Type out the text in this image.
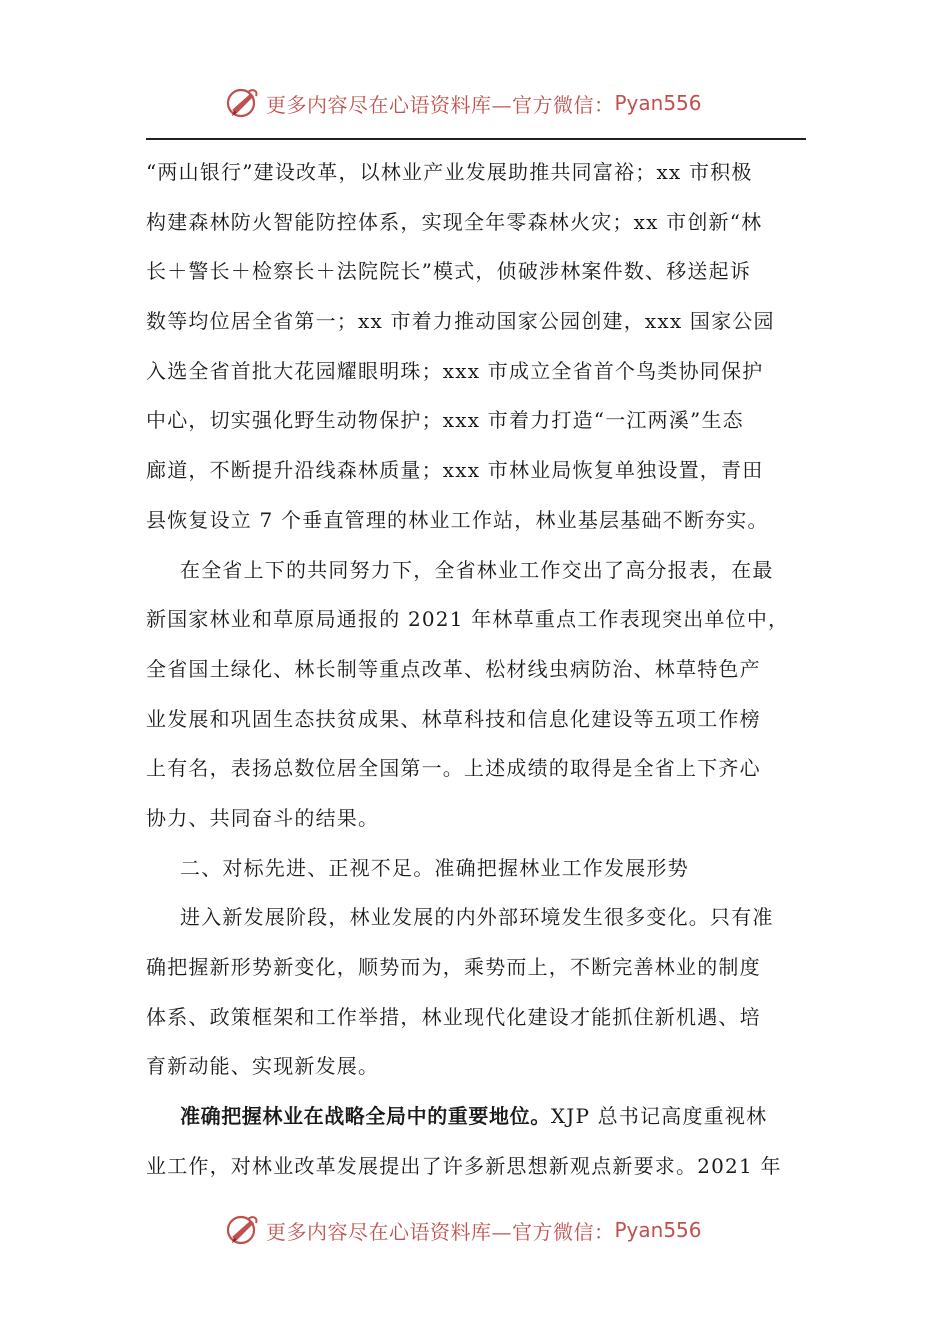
更多内容尽在心语资料库—官方微信： Pyan556
“两山银行”建设改革，以林业产业发展助推共同富裕；xx 市积极
构建森林防火智能防控体系，实现全年零森林火灾；xx 市创新“林
长＋警长＋检察长＋法院院长”模式，侦破涉林案件数、移送起诉
数等均位居全省第一；xx 市着力推动国家公园创建，xxx 国家公园
入选全省首批大花园耀眼明珠；xxx 市成立全省首个鸟类协同保护
中心，切实强化野生动物保护；xxx 市着力打造“一江两溪”生态
廊道，不断提升沿线森林质量；xxx 市林业局恢复单独设置，青田
县恢复设立 7 个垂直管理的林业工作站，林业基层基础不断夯实。
在全省上下的共同努力下，全省林业工作交出了高分报表，在最
新国家林业和草原局通报的 2021 年林草重点工作表现突出单位中，
全省国土绿化、林长制等重点改革、松材线虫病防治、林草特色产
业发展和巩固生态扶贫成果、林草科技和信息化建设等五项工作榜
上有名，表扬总数位居全国第一。上述成绩的取得是全省上下齐心
协力、共同奋斗的结果。
二、对标先进、正视不足。准确把握林业工作发展形势
进入新发展阶段，林业发展的内外部环境发生很多变化。只有准
确把握新形势新变化，顺势而为，乘势而上，不断完善林业的制度
体系、政策框架和工作举措，林业现代化建设才能抓住新机遇、培
育新动能、实现新发展。
准确把握林业在战略全局中的重要地位。XJP 总书记高度重视林
业工作，对林业改革发展提出了许多新思想新观点新要求。2021 年
更多内容尽在心语资料库—官方微信： Pyan556
